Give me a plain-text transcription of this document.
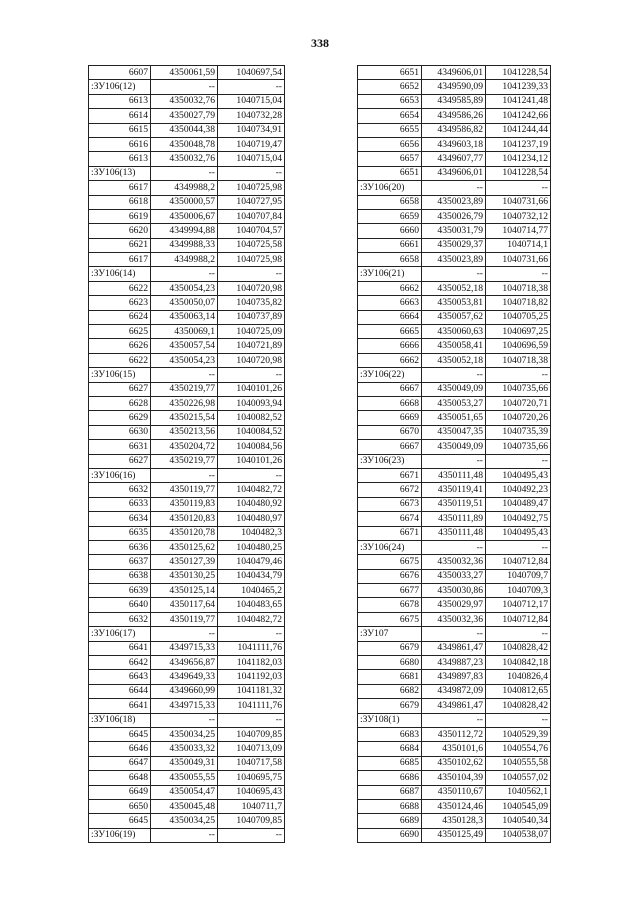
338
6607	4350061,59	1040697,54
:ЗУ106(12)	--	--
6613	4350032,76	1040715,04
6614	4350027,79	1040732,28
6615	4350044,38	1040734,91
6616	4350048,78	1040719,47
6613	4350032,76	1040715,04
:ЗУ106(13)	--	--
6617	4349988,2	1040725,98
6618	4350000,57	1040727,95
6619	4350006,67	1040707,84
6620	4349994,88	1040704,57
6621	4349988,33	1040725,58
6617	4349988,2	1040725,98
:ЗУ106(14)	--	--
6622	4350054,23	1040720,98
6623	4350050,07	1040735,82
6624	4350063,14	1040737,89
6625	4350069,1	1040725,09
6626	4350057,54	1040721,89
6622	4350054,23	1040720,98
:ЗУ106(15)	--	--
6627	4350219,77	1040101,26
6628	4350226,98	1040093,94
6629	4350215,54	1040082,52
6630	4350213,56	1040084,52
6631	4350204,72	1040084,56
6627	4350219,77	1040101,26
:ЗУ106(16)	--	--
6632	4350119,77	1040482,72
6633	4350119,83	1040480,92
6634	4350120,83	1040480,97
6635	4350120,78	1040482,3
6636	4350125,62	1040480,25
6637	4350127,39	1040479,46
6638	4350130,25	1040434,79
6639	4350125,14	1040465,2
6640	4350117,64	1040483,65
6632	4350119,77	1040482,72
:ЗУ106(17)	--	--
6641	4349715,33	1041111,76
6642	4349656,87	1041182,03
6643	4349649,33	1041192,03
6644	4349660,99	1041181,32
6641	4349715,33	1041111,76
:ЗУ106(18)	--	--
6645	4350034,25	1040709,85
6646	4350033,32	1040713,09
6647	4350049,31	1040717,58
6648	4350055,55	1040695,75
6649	4350054,47	1040695,43
6650	4350045,48	1040711,7
6645	4350034,25	1040709,85
:ЗУ106(19)	--	--
6651	4349606,01	1041228,54
6652	4349590,09	1041239,33
6653	4349585,89	1041241,48
6654	4349586,26	1041242,66
6655	4349586,82	1041244,44
6656	4349603,18	1041237,19
6657	4349607,77	1041234,12
6651	4349606,01	1041228,54
:ЗУ106(20)	--	--
6658	4350023,89	1040731,66
6659	4350026,79	1040732,12
6660	4350031,79	1040714,77
6661	4350029,37	1040714,1
6658	4350023,89	1040731,66
:ЗУ106(21)	--	--
6662	4350052,18	1040718,38
6663	4350053,81	1040718,82
6664	4350057,62	1040705,25
6665	4350060,63	1040697,25
6666	4350058,41	1040696,59
6662	4350052,18	1040718,38
:ЗУ106(22)	--	--
6667	4350049,09	1040735,66
6668	4350053,27	1040720,71
6669	4350051,65	1040720,26
6670	4350047,35	1040735,39
6667	4350049,09	1040735,66
:ЗУ106(23)	--	--
6671	4350111,48	1040495,43
6672	4350119,41	1040492,23
6673	4350119,51	1040489,47
6674	4350111,89	1040492,75
6671	4350111,48	1040495,43
:ЗУ106(24)	--	--
6675	4350032,36	1040712,84
6676	4350033,27	1040709,7
6677	4350030,86	1040709,3
6678	4350029,97	1040712,17
6675	4350032,36	1040712,84
:ЗУ107	--	--
6679	4349861,47	1040828,42
6680	4349887,23	1040842,18
6681	4349897,83	1040826,4
6682	4349872,09	1040812,65
6679	4349861,47	1040828,42
:ЗУ108(1)	--	--
6683	4350112,72	1040529,39
6684	4350101,6	1040554,76
6685	4350102,62	1040555,58
6686	4350104,39	1040557,02
6687	4350110,67	1040562,1
6688	4350124,46	1040545,09
6689	4350128,3	1040540,34
6690	4350125,49	1040538,07
